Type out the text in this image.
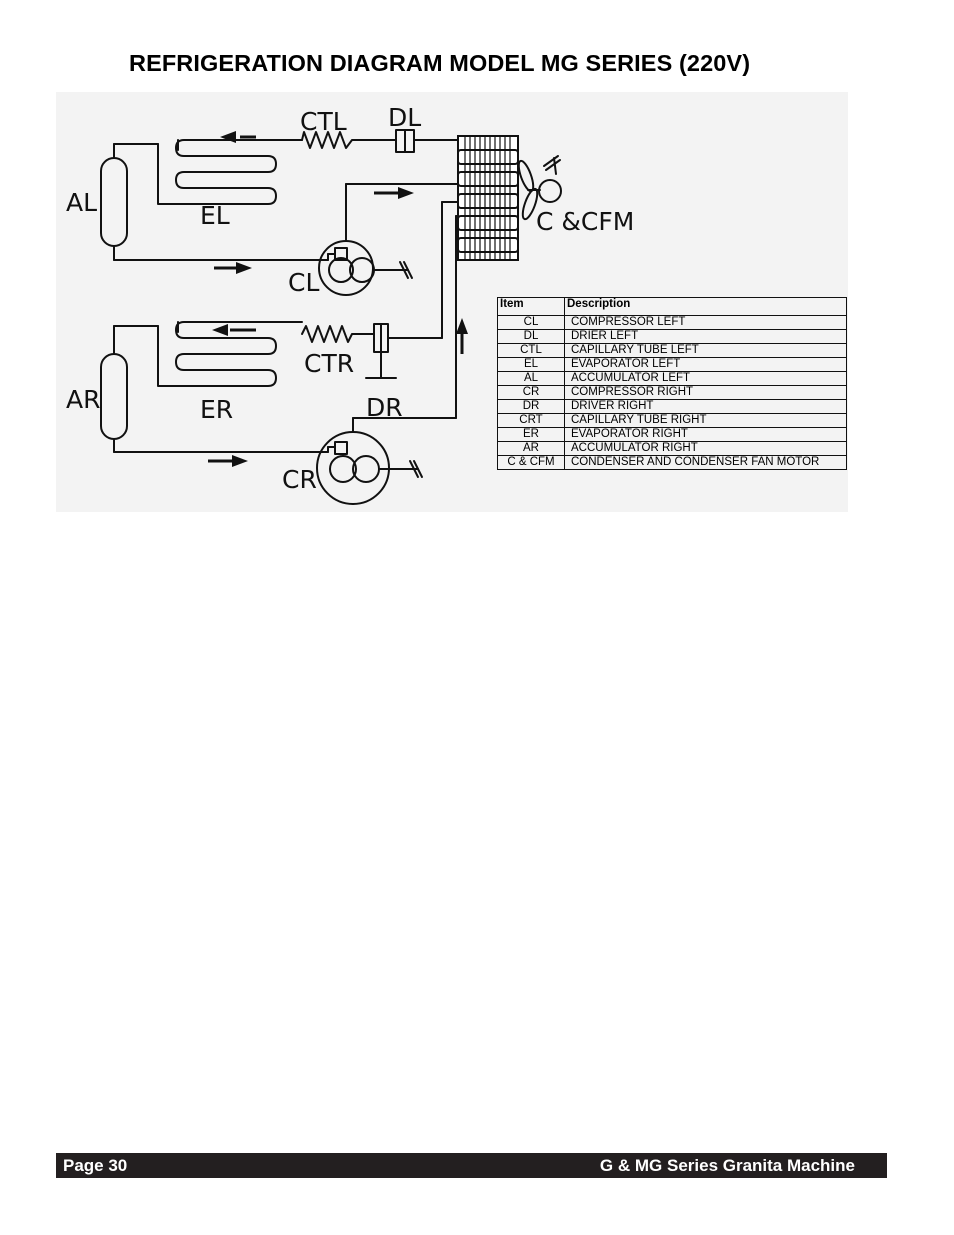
REFRIGERATION DIAGRAM MODEL MG SERIES (220V)
CTL DL
AL	EL	C &CFM
CL
AR
CTR
ER	DR
CR
Item	Description
CL	COMPRESSOR LEFT
DL	DRIER LEFT
CTL	CAPILLARY TUBE LEFT
EL	EVAPORATOR LEFT
AL	ACCUMULATOR LEFT
CR	COMPRESSOR RIGHT
DR	DRIVER RIGHT
CRT	CAPILLARY TUBE RIGHT
ER	EVAPORATOR RIGHT
AR	ACCUMULATOR RIGHT
C & CFM	CONDENSER AND CONDENSER FAN MOTOR
Page 30	G & MG Series Granita Machine
